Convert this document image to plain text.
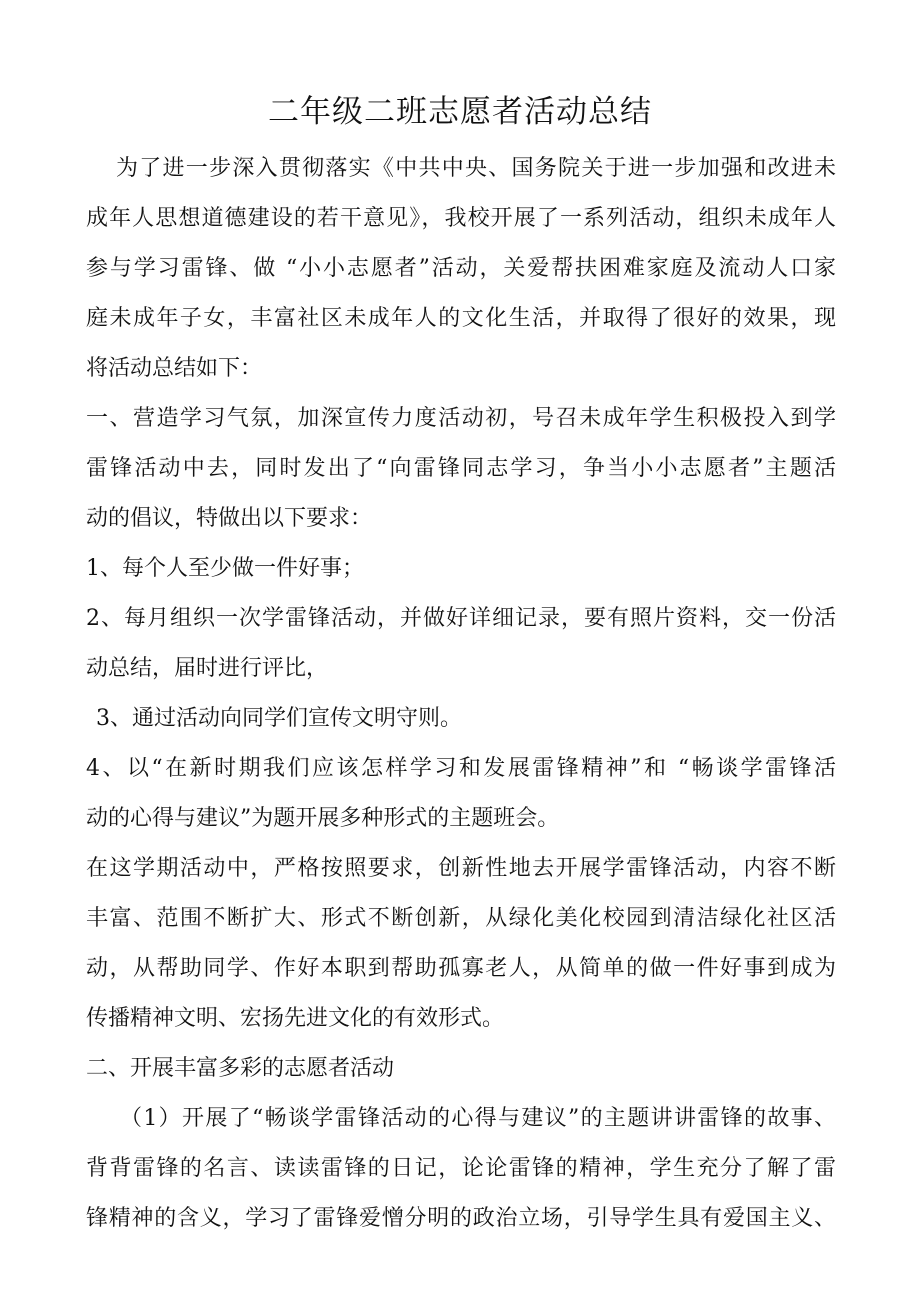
二年级二班志愿者活动总结
为了进一步深入贯彻落实《中共中央、国务院关于进一步加强和改进未
成年人思想道德建设的若干意见》，我校开展了一系列活动，组织未成年人
参与学习雷锋、做 “小小志愿者”活动，关爱帮扶困难家庭及流动人口家
庭未成年子女，丰富社区未成年人的文化生活，并取得了很好的效果，现
将活动总结如下：
一、营造学习气氛，加深宣传力度活动初，号召未成年学生积极投入到学
雷锋活动中去，同时发出了“向雷锋同志学习，争当小小志愿者”主题活
动的倡议，特做出以下要求：
1、每个人至少做一件好事；
2、每月组织一次学雷锋活动，并做好详细记录，要有照片资料，交一份活
动总结，届时进行评比，
3、通过活动向同学们宣传文明守则。
4、以“在新时期我们应该怎样学习和发展雷锋精神”和 “畅谈学雷锋活
动的心得与建议”为题开展多种形式的主题班会。
在这学期活动中，严格按照要求，创新性地去开展学雷锋活动，内容不断
丰富、范围不断扩大、形式不断创新，从绿化美化校园到清洁绿化社区活
动，从帮助同学、作好本职到帮助孤寡老人，从简单的做一件好事到成为
传播精神文明、宏扬先进文化的有效形式。
二、开展丰富多彩的志愿者活动
（1）开展了“畅谈学雷锋活动的心得与建议”的主题讲讲雷锋的故事、
背背雷锋的名言、读读雷锋的日记，论论雷锋的精神，学生充分了解了雷
锋精神的含义，学习了雷锋爱憎分明的政治立场，引导学生具有爱国主义、
